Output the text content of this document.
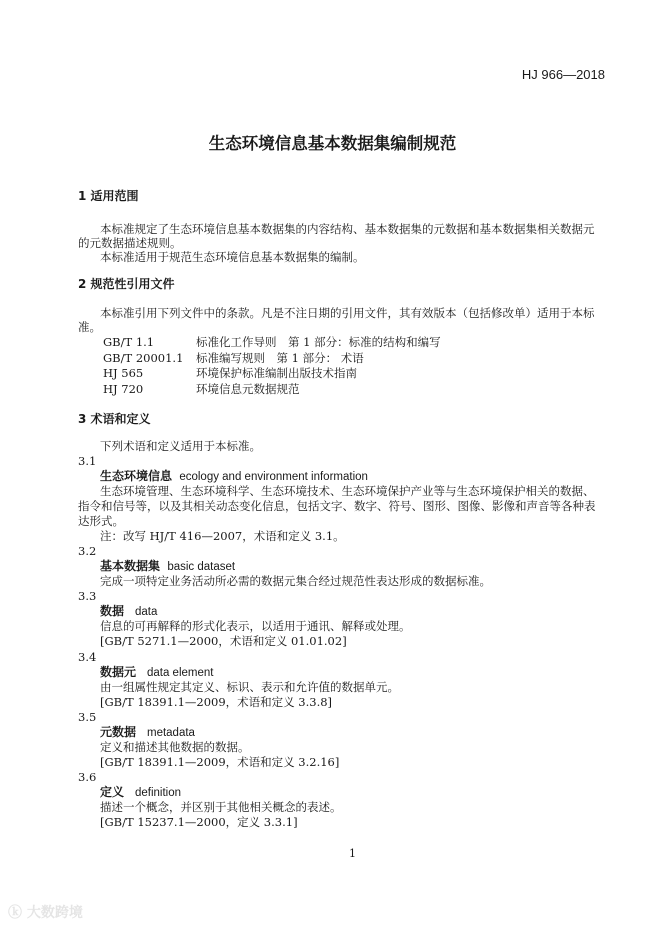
HJ 966—2018
生态环境信息基本数据集编制规范
1 适用范围
本标准规定了生态环境信息基本数据集的内容结构、基本数据集的元数据和基本数据集相关数据元
的元数据描述规则。
本标准适用于规范生态环境信息基本数据集的编制。
2 规范性引用文件
本标准引用下列文件中的条款。凡是不注日期的引用文件，其有效版本（包括修改单）适用于本标
准。
GB/T 1.1	标准化工作导则　第 1 部分：标准的结构和编写
GB/T 20001.1 标准编写规则　第 1 部分： 术语
HJ 565	环境保护标准编制出版技术指南
HJ 720	环境信息元数据规范
3 术语和定义
下列术语和定义适用于本标准。
3.1
生态环境信息 ecology and environment information
生态环境管理、生态环境科学、生态环境技术、生态环境保护产业等与生态环境保护相关的数据、
指令和信号等，以及其相关动态变化信息，包括文字、数字、符号、图形、图像、影像和声音等各种表
达形式。
注：改写 HJ/T 416—2007，术语和定义 3.1。
3.2
基本数据集 basic dataset
完成一项特定业务活动所必需的数据元集合经过规范性表达形成的数据标准。
3.3
数据 data
信息的可再解释的形式化表示，以适用于通讯、解释或处理。
[GB/T 5271.1—2000，术语和定义 01.01.02]
3.4
数据元 data element
由一组属性规定其定义、标识、表示和允许值的数据单元。
[GB/T 18391.1—2009，术语和定义 3.3.8]
3.5
元数据 metadata
定义和描述其他数据的数据。
[GB/T 18391.1—2009，术语和定义 3.2.16]
3.6
定义 definition
描述一个概念，并区别于其他相关概念的表述。
[GB/T 15237.1—2000，定义 3.3.1]
1
ⓚ 大数跨境
